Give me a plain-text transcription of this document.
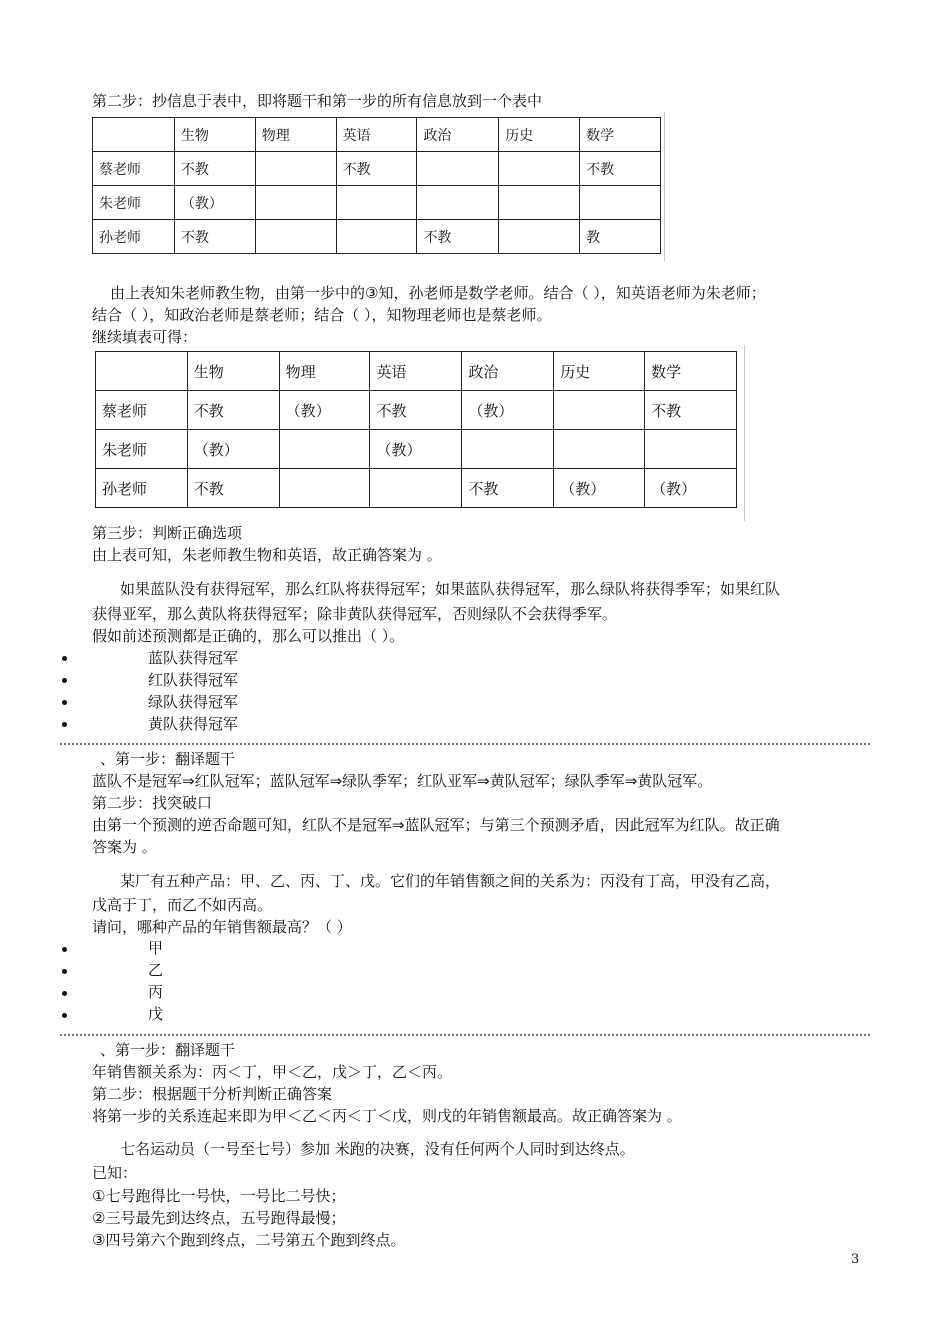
第二步：抄信息于表中，即将题干和第一步的所有信息放到一个表中
	生物	物理	英语	政治	历史	数学
蔡老师	不教		不教			不教
朱老师	（教）					
孙老师	不教			不教		教
由上表知朱老师教生物，由第一步中的③知，孙老师是数学老师。结合（ ），知英语老师为朱老师；
结合（ ），知政治老师是蔡老师；结合（ ），知物理老师也是蔡老师。
继续填表可得：
	生物	物理	英语	政治	历史	数学
蔡老师	不教	（教）	不教	（教）		不教
朱老师	（教）		（教）			
孙老师	不教			不教	（教）	（教）
第三步：判断正确选项
由上表可知，朱老师教生物和英语，故正确答案为 。
如果蓝队没有获得冠军，那么红队将获得冠军；如果蓝队获得冠军，那么绿队将获得季军；如果红队
获得亚军，那么黄队将获得冠军；除非黄队获得冠军，否则绿队不会获得季军。
假如前述预测都是正确的，那么可以推出（ ）。
蓝队获得冠军
红队获得冠军
绿队获得冠军
黄队获得冠军
、第一步：翻译题干
蓝队不是冠军⇒红队冠军；蓝队冠军⇒绿队季军；红队亚军⇒黄队冠军；绿队季军⇒黄队冠军。
第二步：找突破口
由第一个预测的逆否命题可知，红队不是冠军⇒蓝队冠军；与第三个预测矛盾，因此冠军为红队。故正确
答案为 。
某厂有五种产品：甲、乙、丙、丁、戊。它们的年销售额之间的关系为：丙没有丁高，甲没有乙高，
戊高于丁，而乙不如丙高。
请问，哪种产品的年销售额最高？（ ）
甲
乙
丙
戊
、第一步：翻译题干
年销售额关系为：丙＜丁，甲＜乙，戊＞丁，乙＜丙。
第二步：根据题干分析判断正确答案
将第一步的关系连起来即为甲＜乙＜丙＜丁＜戊，则戊的年销售额最高。故正确答案为 。
七名运动员（一号至七号）参加 米跑的决赛，没有任何两个人同时到达终点。
已知：
①七号跑得比一号快，一号比二号快；
②三号最先到达终点，五号跑得最慢；
③四号第六个跑到终点，二号第五个跑到终点。
3
